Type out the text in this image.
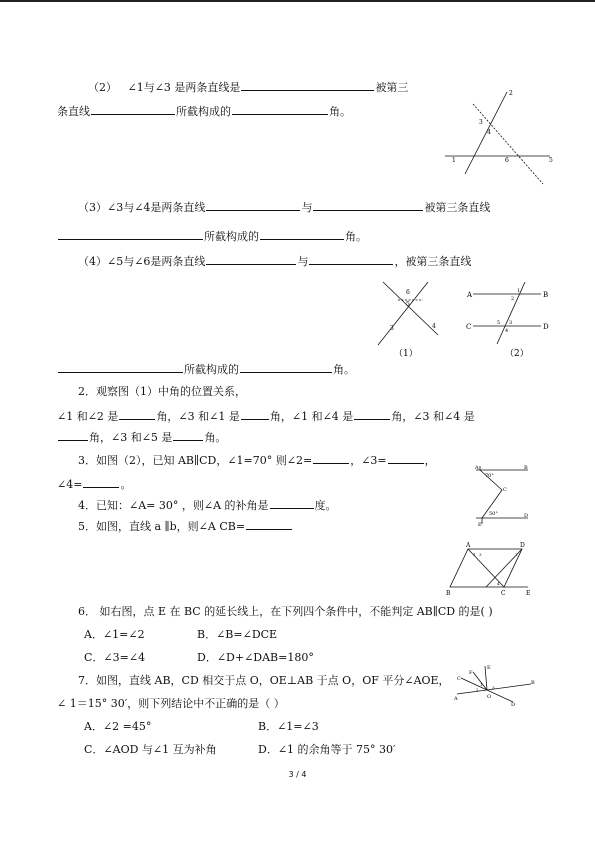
（2） ∠1与∠3 是两条直线是	被第三
条直线	所截构成的	角。
2
3
4
5
6
1
（3）∠3与∠4是两条直线	与	被第三条直线
所截构成的	角。
（4）∠5与∠6是两条直线	与	，被第三条直线
6
5
4
3
（1）
A	B
C	D
1
2
3
4
5
（2）
所截构成的	角。
2．观察图（1）中角的位置关系，
∠1 和∠2 是	角，∠3 和∠1 是	角，∠1 和∠4 是	角，∠3 和∠4 是
角，∠3 和∠5 是	角。
3．如图（2），已知 AB∥CD，∠1=70° 则∠2=	，∠3=	，
∠4=	。
A	B
C
D
E
70°
50°
4．已知：∠A= 30° ，则∠A 的补角是	度。
5．如图，直线 a ∥b，则∠A CB=
A	D
B	C	E
1	2
3
4
6． 如右图，点 E 在 BC 的延长线上，在下列四个条件中，不能判定 AB∥CD 的是( )
A．∠1=∠2	B．∠B=∠DCE
C．∠3=∠4	D．∠D+∠DAB=180°
7．如图，直线 AB，CD 相交于点 O，OE⊥AB 于点 O，OF 平分∠AOE，
∠ 1＝15° 30′，则下列结论中不正确的是（ ）
A．∠2 =45°	B．∠1=∠3
C．∠AOD 与∠1 互为补角	D．∠1 的余角等于 75° 30′
E
F
C
A
B
D
O
1
2	3
3 / 4
